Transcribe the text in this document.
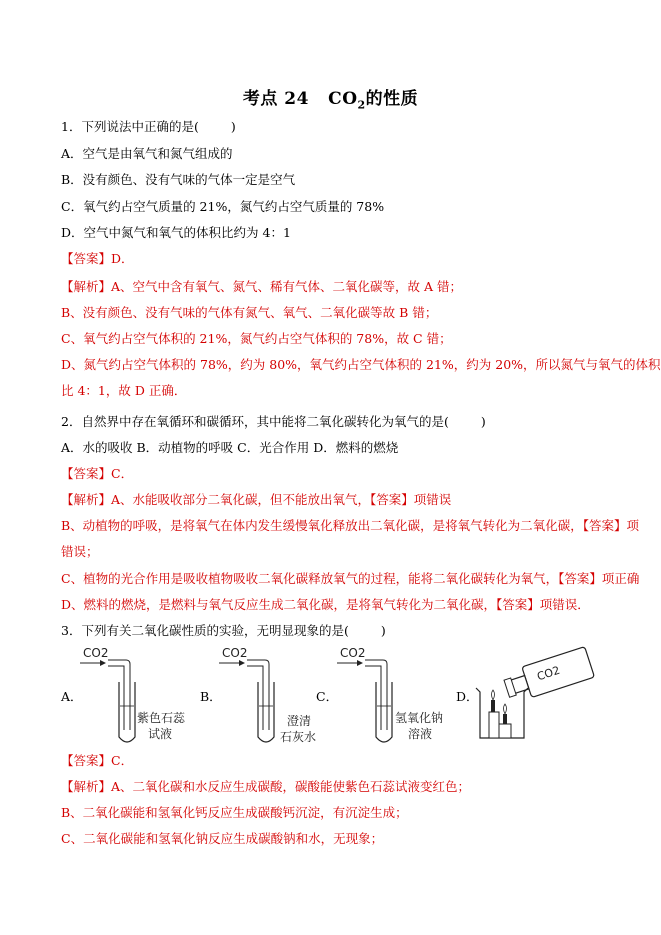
考点 24 $CO_2$的性质
1．下列说法中正确的是(	)
A．空气是由氧气和氮气组成的
B．没有颜色、没有气味的气体一定是空气
C．氧气约占空气质量的 21%，氮气约占空气质量的 78%
D．空气中氮气和氧气的体积比约为 4：1
【答案】D．
【解析】A、空气中含有氧气、氮气、稀有气体、二氧化碳等，故 A 错；
B、没有颜色、没有气味的气体有氮气、氧气、二氧化碳等故 B 错；
C、氧气约占空气体积的 21%，氮气约占空气体积的 78%，故 C 错；
D、氮气约占空气体积的 78%，约为 80%，氧气约占空气体积的 21%，约为 20%，所以氮气与氧气的体积
比 4：1，故 D 正确．
2．自然界中存在氧循环和碳循环，其中能将二氧化碳转化为氧气的是(	)
A．水的吸收 B．动植物的呼吸 C．光合作用 D．燃料的燃烧
【答案】C．
【解析】A、水能吸收部分二氧化碳，但不能放出氧气，【答案】项错误
B、动植物的呼吸，是将氧气在体内发生缓慢氧化释放出二氧化碳，是将氧气转化为二氧化碳，【答案】项
错误；
C、植物的光合作用是吸收植物吸收二氧化碳释放氧气的过程，能将二氧化碳转化为氧气，【答案】项正确
D、燃料的燃烧，是燃料与氧气反应生成二氧化碳，是将氧气转化为二氧化碳，【答案】项错误．
3．下列有关二氧化碳性质的实验，无明显现象的是(	)
A．
CO2
紫色石蕊
试液
B．
CO2
澄清
石灰水
C．
CO2
氢氧化钠
溶液
D．
CO2
【答案】C．
【解析】A、二氧化碳和水反应生成碳酸，碳酸能使紫色石蕊试液变红色；
B、二氧化碳能和氢氧化钙反应生成碳酸钙沉淀，有沉淀生成；
C、二氧化碳能和氢氧化钠反应生成碳酸钠和水，无现象；
